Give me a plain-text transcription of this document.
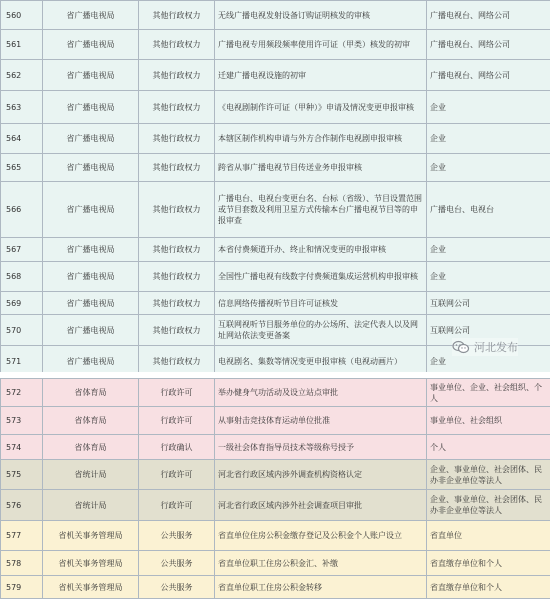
560	省广播电视局	其他行政权力	无线广播电视发射设备订购证明核发的审核	广播电视台、网络公司
561	省广播电视局	其他行政权力	广播电视专用频段频率使用许可证（甲类）核发的初审	广播电视台、网络公司
562	省广播电视局	其他行政权力	迁建广播电视设施的初审	广播电视台、网络公司
563	省广播电视局	其他行政权力	《电视剧制作许可证（甲种）》申请及情况变更申报审核	企业
564	省广播电视局	其他行政权力	本辖区制作机构申请与外方合作制作电视剧申报审核	企业
565	省广播电视局	其他行政权力	跨省从事广播电视节目传送业务申报审核	企业
566	省广播电视局	其他行政权力	广播电台、电视台变更台名、台标（省级）、节目设置范围或节目套数及利用卫星方式传输本台广播电视节目等的申报审查	广播电台、电视台
567	省广播电视局	其他行政权力	本省付费频道开办、终止和情况变更的申报审核	企业
568	省广播电视局	其他行政权力	全国性广播电视有线数字付费频道集成运营机构申报审核	企业
569	省广播电视局	其他行政权力	信息网络传播视听节目许可证核发	互联网公司
570	省广播电视局	其他行政权力	互联网视听节目服务单位的办公场所、法定代表人以及网址网站依法变更备案	互联网公司
571	省广播电视局	其他行政权力	电视剧名、集数等情况变更申报审核（电视动画片）	企业
572	省体育局	行政许可	举办健身气功活动及设立站点审批	事业单位、企业、社会组织、个人
573	省体育局	行政许可	从事射击竞技体育运动单位批准	事业单位、社会组织
574	省体育局	行政确认	一级社会体育指导员技术等级称号授予	个人
575	省统计局	行政许可	河北省行政区域内涉外调查机构资格认定	企业、事业单位、社会团体、民办非企业单位等法人
576	省统计局	行政许可	河北省行政区域内涉外社会调查项目审批	企业、事业单位、社会团体、民办非企业单位等法人
577	省机关事务管理局	公共服务	省直单位住房公积金缴存登记及公积金个人账户设立	省直单位
578	省机关事务管理局	公共服务	省直单位职工住房公积金汇、补缴	省直缴存单位和个人
579	省机关事务管理局	公共服务	省直单位职工住房公积金转移	省直缴存单位和个人
河北发布
